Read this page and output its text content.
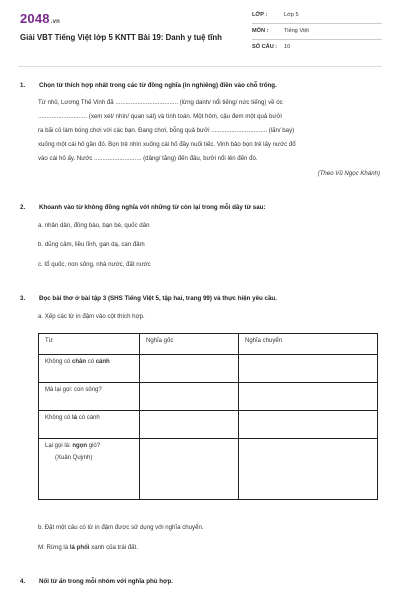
2048.vn
Giải VBT Tiếng Việt lớp 5 KNTT Bài 19: Danh y tuệ tĩnh
LỚP :	Lớp 5
MÔN :	Tiếng Việt
SỐ CÂU : 10
1. Chọn từ thích hợp nhất trong các từ đồng nghĩa (in nghiêng) điền vào chỗ trống.
Từ nhỏ, Lương Thế Vinh đã ..................................... (lừng danh/ nổi tiếng/ nức tiếng) về óc
............................. (xem xét/ nhìn/ quan sát) và tính toán. Một hôm, cậu đem một quả bưởi
ra bãi cỏ làm bóng chơi với các bạn. Đang chơi, bỗng quả bưởi ................................. (lăn/ bay)
xuống một cái hố gần đó. Bọn trẻ nhìn xuống cái hố đầy nuối tiếc. Vinh bảo bọn trẻ lấy nước đổ
vào cái hố ấy. Nước ............................ (dâng/ tăng) đến đâu, bưởi nổi lên đến đó.
(Theo Vũ Ngọc Khánh)
2. Khoanh vào từ không đồng nghĩa với những từ còn lại trong mỗi dãy từ sau:
a. nhân dân, đồng bào, bạn bè, quốc dân
b. dũng cảm, liều lĩnh, gan dạ, can đảm
c. tổ quốc, non sông, nhà nước, đất nước
3. Đọc bài thơ ở bài tập 3 (SHS Tiếng Việt 5, tập hai, trang 99) và thực hiện yêu cầu.
a. Xếp các từ in đậm vào cột thích hợp.
Từ	Nghĩa gốc	Nghĩa chuyển
Không có chân có cánh		
Mà lại gọi: con sông?		
Không có lá có cành		
Lại gọi là: ngọn gió?

(Xuân Quỳnh)		
b. Đặt một câu có từ in đậm được sử dụng với nghĩa chuyển.
M: Rừng là lá phổi xanh của trái đất.
4. Nối từ ăn trong mỗi nhóm với nghĩa phù hợp.
